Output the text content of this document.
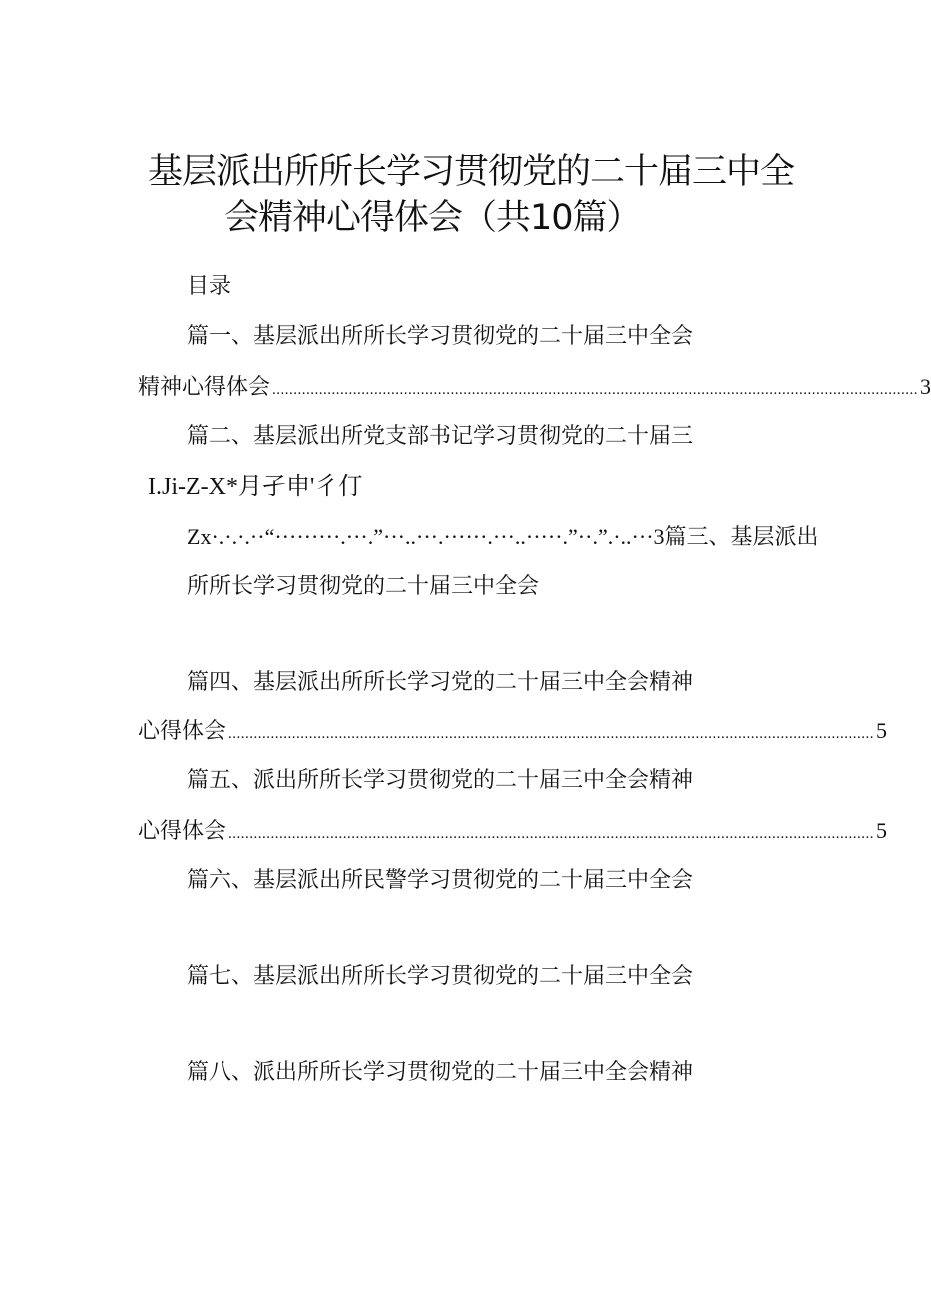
基层派出所所长学习贯彻党的二十届三中全
会精神心得体会（共10篇）
目录
篇一、基层派出所所长学习贯彻党的二十届三中全会
精神心得体会 ........................................................................................................................................................ 3
篇二、基层派出所党支部书记学习贯彻党的二十届三
I.Ji-Z-X*月孑申'彳仃
Zx·.·.·.··“·········.···.”···..···.······.···..·····.”··.”.·..···3篇三、基层派出
所所长学习贯彻党的二十届三中全会
篇四、基层派出所所长学习党的二十届三中全会精神
心得体会 ........................................................................................................................................................ 5
篇五、派出所所长学习贯彻党的二十届三中全会精神
心得体会 ........................................................................................................................................................ 5
篇六、基层派出所民警学习贯彻党的二十届三中全会
篇七、基层派出所所长学习贯彻党的二十届三中全会
篇八、派出所所长学习贯彻党的二十届三中全会精神
